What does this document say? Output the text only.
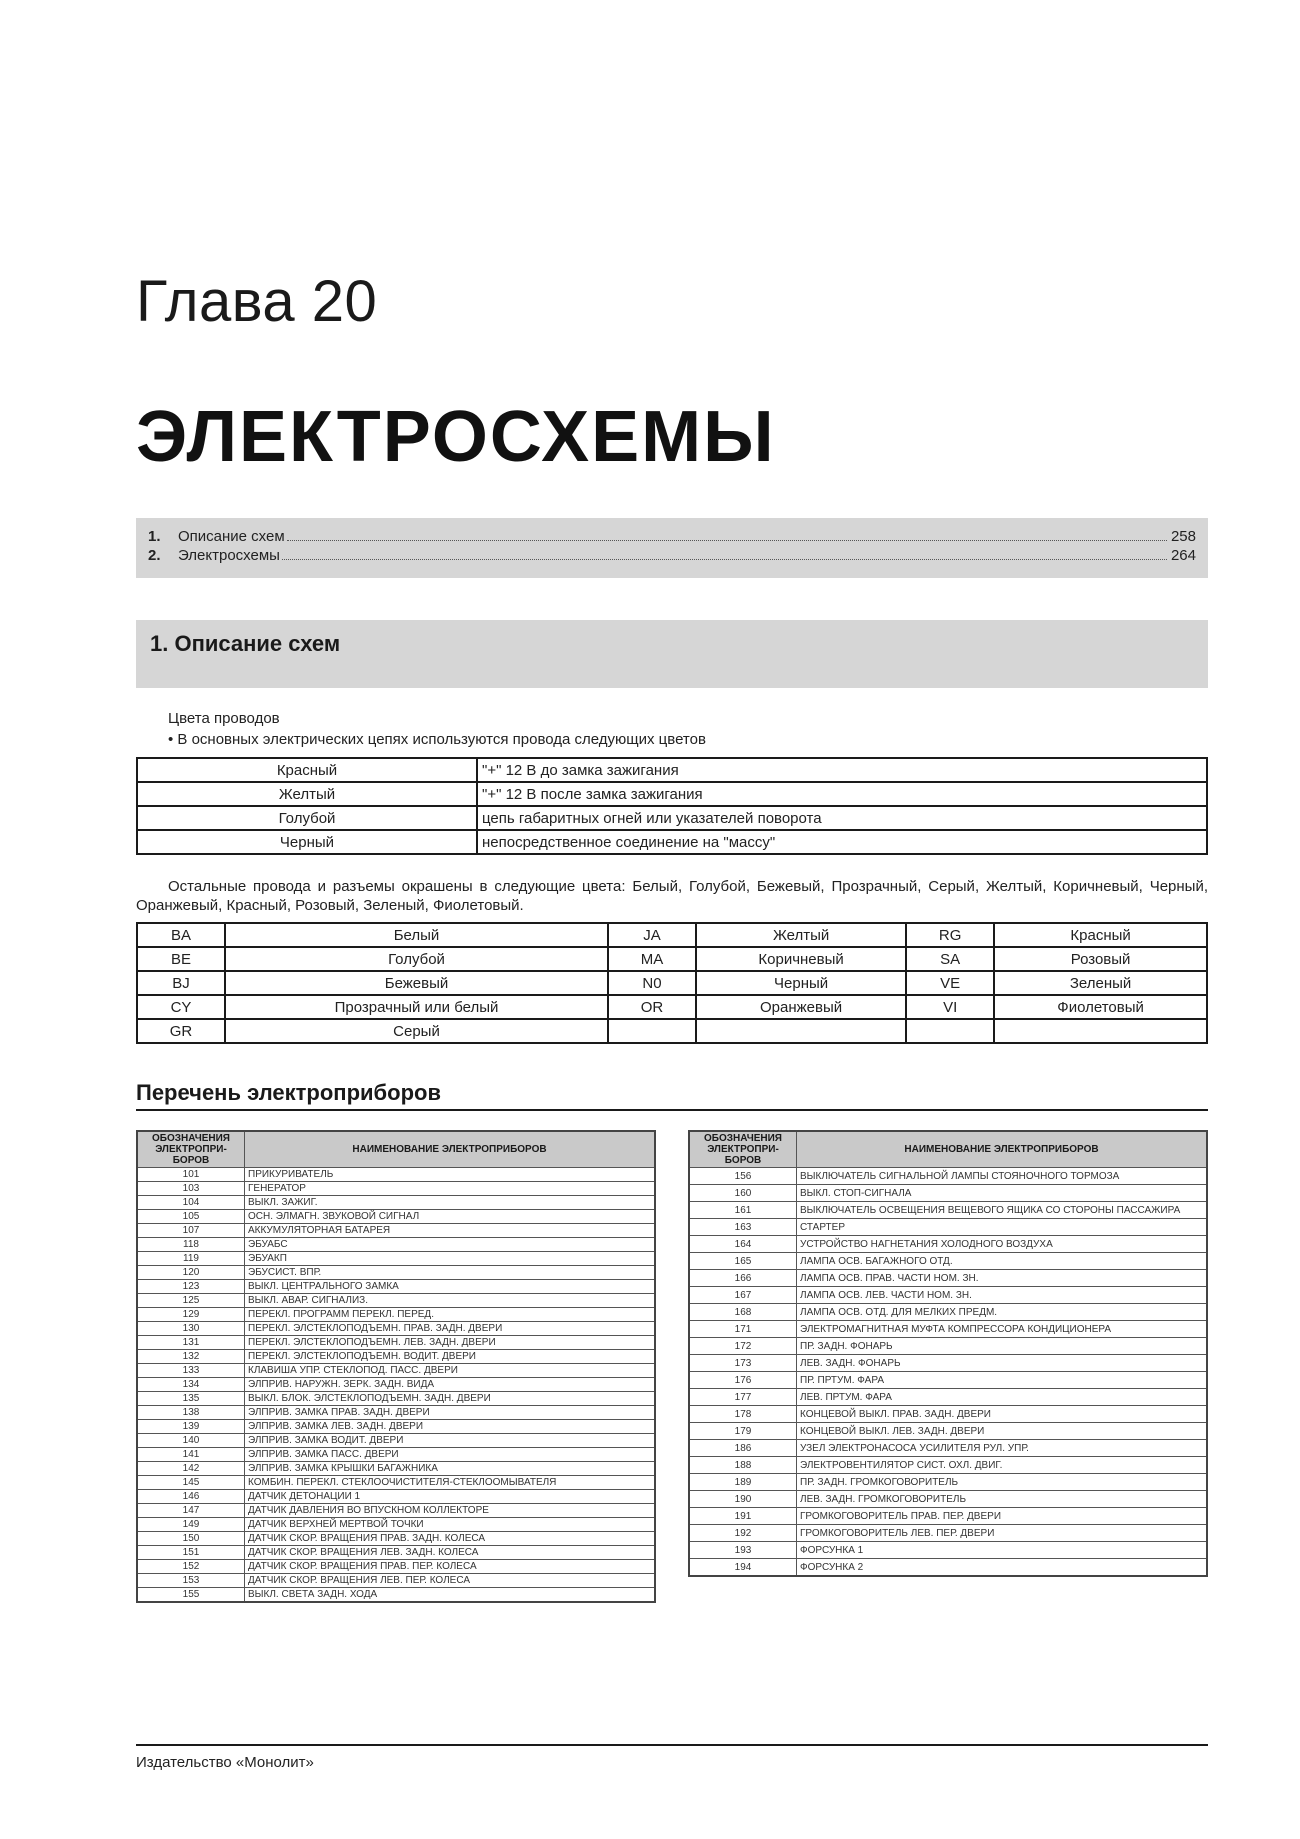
Глава 20
ЭЛЕКТРОСХЕМЫ
1. Описание схем	258
2. Электросхемы	264
1. Описание схем
Цвета проводов
• В основных электрических цепях используются провода следующих цветов
Красный	"+" 12 В до замка зажигания
Желтый	"+" 12 В после замка зажигания
Голубой	цепь габаритных огней или указателей поворота
Черный	непосредственное соединение на "массу"
Остальные провода и разъемы окрашены в следующие цвета: Белый, Голубой, Бежевый, Прозрачный, Серый, Желтый, Коричневый, Черный, Оранжевый, Красный, Розовый, Зеленый, Фиолетовый.
BA	Белый	JA	Желтый	RG	Красный
BE	Голубой	MA	Коричневый	SA	Розовый
BJ	Бежевый	N0	Черный	VE	Зеленый
CY	Прозрачный или белый	OR	Оранжевый	VI	Фиолетовый
GR	Серый				
Перечень электроприборов
ОБОЗНАЧЕНИЯ ЭЛЕКТРОПРИ-БОРОВ	НАИМЕНОВАНИЕ ЭЛЕКТРОПРИБОРОВ
101	ПРИКУРИВАТЕЛЬ
103	ГЕНЕРАТОР
104	ВЫКЛ. ЗАЖИГ.
105	ОСН. ЭЛМАГН. ЗВУКОВОЙ СИГНАЛ
107	АККУМУЛЯТОРНАЯ БАТАРЕЯ
118	ЭБУАБС
119	ЭБУАКП
120	ЭБУСИСТ. ВПР.
123	ВЫКЛ. ЦЕНТРАЛЬНОГО ЗАМКА
125	ВЫКЛ. АВАР. СИГНАЛИЗ.
129	ПЕРЕКЛ. ПРОГРАММ ПЕРЕКЛ. ПЕРЕД.
130	ПЕРЕКЛ. ЭЛСТЕКЛОПОДЪЕМН. ПРАВ. ЗАДН. ДВЕРИ
131	ПЕРЕКЛ. ЭЛСТЕКЛОПОДЪЕМН. ЛЕВ. ЗАДН. ДВЕРИ
132	ПЕРЕКЛ. ЭЛСТЕКЛОПОДЪЕМН. ВОДИТ. ДВЕРИ
133	КЛАВИША УПР. СТЕКЛОПОД. ПАСС. ДВЕРИ
134	ЭЛПРИВ. НАРУЖН. ЗЕРК. ЗАДН. ВИДА
135	ВЫКЛ. БЛОК. ЭЛСТЕКЛОПОДЪЕМН. ЗАДН. ДВЕРИ
138	ЭЛПРИВ. ЗАМКА ПРАВ. ЗАДН. ДВЕРИ
139	ЭЛПРИВ. ЗАМКА ЛЕВ. ЗАДН. ДВЕРИ
140	ЭЛПРИВ. ЗАМКА ВОДИТ. ДВЕРИ
141	ЭЛПРИВ. ЗАМКА ПАСС. ДВЕРИ
142	ЭЛПРИВ. ЗАМКА КРЫШКИ БАГАЖНИКА
145	КОМБИН. ПЕРЕКЛ. СТЕКЛООЧИСТИТЕЛЯ-СТЕКЛООМЫВАТЕЛЯ
146	ДАТЧИК ДЕТОНАЦИИ 1
147	ДАТЧИК ДАВЛЕНИЯ ВО ВПУСКНОМ КОЛЛЕКТОРЕ
149	ДАТЧИК ВЕРХНЕЙ МЕРТВОЙ ТОЧКИ
150	ДАТЧИК СКОР. ВРАЩЕНИЯ ПРАВ. ЗАДН. КОЛЕСА
151	ДАТЧИК СКОР. ВРАЩЕНИЯ ЛЕВ. ЗАДН. КОЛЕСА
152	ДАТЧИК СКОР. ВРАЩЕНИЯ ПРАВ. ПЕР. КОЛЕСА
153	ДАТЧИК СКОР. ВРАЩЕНИЯ ЛЕВ. ПЕР. КОЛЕСА
155	ВЫКЛ. СВЕТА ЗАДН. ХОДА
ОБОЗНАЧЕНИЯ ЭЛЕКТРОПРИ-БОРОВ	НАИМЕНОВАНИЕ ЭЛЕКТРОПРИБОРОВ
156	ВЫКЛЮЧАТЕЛЬ СИГНАЛЬНОЙ ЛАМПЫ СТОЯНОЧНОГО ТОРМОЗА
160	ВЫКЛ. СТОП-СИГНАЛА
161	ВЫКЛЮЧАТЕЛЬ ОСВЕЩЕНИЯ ВЕЩЕВОГО ЯЩИКА СО СТОРОНЫ ПАССАЖИРА
163	СТАРТЕР
164	УСТРОЙСТВО НАГНЕТАНИЯ ХОЛОДНОГО ВОЗДУХА
165	ЛАМПА ОСВ. БАГАЖНОГО ОТД.
166	ЛАМПА ОСВ. ПРАВ. ЧАСТИ НОМ. ЗН.
167	ЛАМПА ОСВ. ЛЕВ. ЧАСТИ НОМ. ЗН.
168	ЛАМПА ОСВ. ОТД. ДЛЯ МЕЛКИХ ПРЕДМ.
171	ЭЛЕКТРОМАГНИТНАЯ МУФТА КОМПРЕССОРА КОНДИЦИОНЕРА
172	ПР. ЗАДН. ФОНАРЬ
173	ЛЕВ. ЗАДН. ФОНАРЬ
176	ПР. ПРТУМ. ФАРА
177	ЛЕВ. ПРТУМ. ФАРА
178	КОНЦЕВОЙ ВЫКЛ. ПРАВ. ЗАДН. ДВЕРИ
179	КОНЦЕВОЙ ВЫКЛ. ЛЕВ. ЗАДН. ДВЕРИ
186	УЗЕЛ ЭЛЕКТРОНАСОСА УСИЛИТЕЛЯ РУЛ. УПР.
188	ЭЛЕКТРОВЕНТИЛЯТОР СИСТ. ОХЛ. ДВИГ.
189	ПР. ЗАДН. ГРОМКОГОВОРИТЕЛЬ
190	ЛЕВ. ЗАДН. ГРОМКОГОВОРИТЕЛЬ
191	ГРОМКОГОВОРИТЕЛЬ ПРАВ. ПЕР. ДВЕРИ
192	ГРОМКОГОВОРИТЕЛЬ ЛЕВ. ПЕР. ДВЕРИ
193	ФОРСУНКА 1
194	ФОРСУНКА 2
Издательство «Монолит»
